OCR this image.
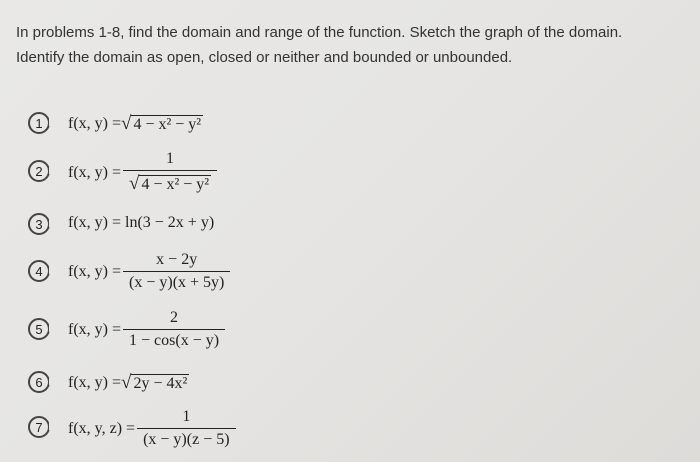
In problems 1-8, find the domain and range of the function. Sketch the graph of the domain.
Identify the domain as open, closed or neither and bounded or unbounded.
1	f(x, y) =√ 4 − x² − y²
2	f(x, $y) = \frac{1}{\text{√ 4 − x² − y²}}$
3	f(x, y) = ln(3 − 2x + y)
4	f(x, $y) = \frac{x - 2y}{(x - y)(x + 5y)}$
5	f(x, $y) = \frac{2}{1 - \cos(x - y)}$
6	f(x, y) =√ 2y − 4x²
7	f(x, y, $z) = \frac{1}{(x - y)(z - 5)}$
